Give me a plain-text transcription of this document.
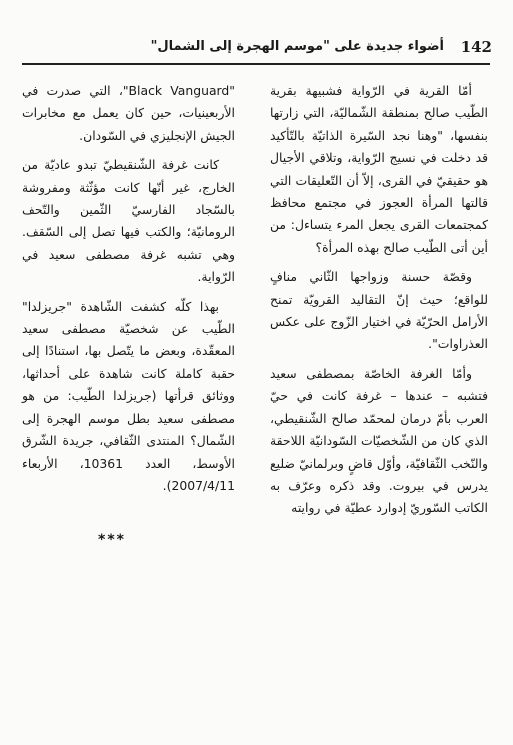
142
أضواء جديدة على "موسم الهجرة إلى الشمال"

أمّا القرية في الرّواية فشبيهة بقرية الطّيب صالح بمنطقة الشّماليّة، التي زارتها بنفسها، "وهنا نجد السّيرة الذاتيّة بالتّأكيد قد دخلت في نسيج الرّواية، وتلاقي الأجيال هو حقيقيّ في القرى، إلاّ أن التّعليقات التي قالتها المرأة العجوز في مجتمع محافظ كمجتمعات القرى يجعل المرء يتساءل: من أين أتى الطّيب صالح بهذه المرأة؟

وقصّة حسنة وزواجها الثّاني منافٍ للواقع؛ حيث إنّ التقاليد القرويّة تمنح الأرامل الحرّيّة في اختيار الزّوج على عكس العذراوات".

وأمّا الغرفة الخاصّة بمصطفى سعيد فتشبه – عندها – غرفة كانت في حيّ العرب بأمّ درمان لمحمّد صالح الشّنقيطي، الذي كان من الشّخصيّات السّودانيّة اللاحقة والنّخب الثّقافيّة، وأوّل قاضٍ وبرلمانيّ ضليع يدرس في بيروت. وقد ذكره وعرّف به الكاتب السّوريّ إدوارد عطيّة في روايته

"Black Vanguard"، التي صدرت في الأربعينيات، حين كان يعمل مع مخابرات الجيش الإنجليزي في السّودان.

كانت غرفة الشّنقيطيّ تبدو عاديّة من الخارج، غير أنّها كانت مؤثّثة ومفروشة بالسّجاد الفارسيّ الثّمين والتّحف الرومانيّة؛ والكتب فيها تصل إلى السّقف. وهي تشبه غرفة مصطفى سعيد في الرّواية.

بهذا كلّه كشفت الشّاهدة "جريزلدا" الطّيب عن شخصيّة مصطفى سعيد المعقّدة، وبعض ما يتّصل بها، استنادًا إلى حقبة كاملة كانت شاهدة على أحداثها، ووثائق قرأتها (جريزلدا الطّيب: من هو مصطفى سعيد بطل موسم الهجرة إلى الشّمال؟ المنتدى الثّقافي، جريدة الشّرق الأوسط، العدد 10361، الأربعاء 2007/4/11).

***
